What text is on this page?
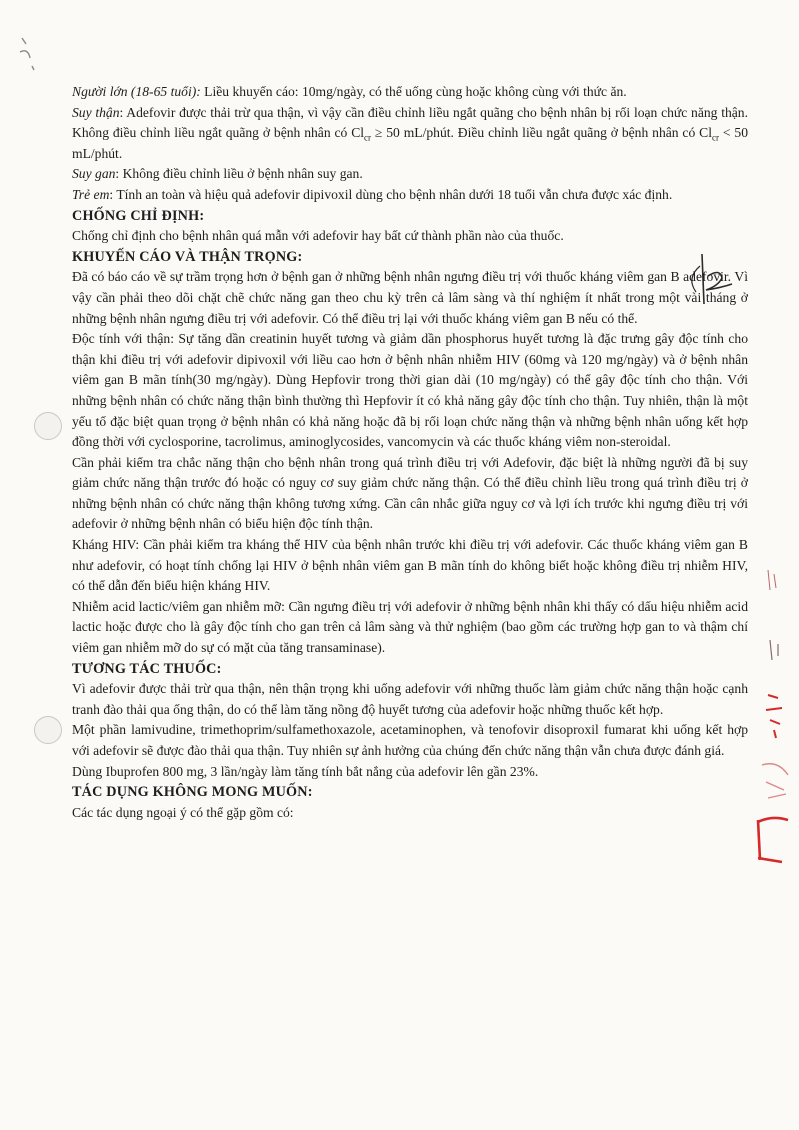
Người lớn (18-65 tuổi): Liều khuyến cáo: 10mg/ngày, có thể uống cùng hoặc không cùng với thức ăn.

Suy thận: Adefovir được thải trừ qua thận, vì vậy cần điều chỉnh liều ngắt quãng cho bệnh nhân bị rối loạn chức năng thận. Không điều chỉnh liều ngắt quãng ở bệnh nhân có $Cl_{cr} \ge 50$ mL/phút. Điều chỉnh liều ngắt quãng ở bệnh nhân có $Cl_{cr} < 50$ mL/phút.

Suy gan: Không điều chỉnh liều ở bệnh nhân suy gan.

Trẻ em: Tính an toàn và hiệu quả adefovir dipivoxil dùng cho bệnh nhân dưới 18 tuổi vẫn chưa được xác định.

CHỐNG CHỈ ĐỊNH:

Chống chỉ định cho bệnh nhân quá mẫn với adefovir hay bất cứ thành phần nào của thuốc.

KHUYẾN CÁO VÀ THẬN TRỌNG:

Đã có báo cáo về sự trầm trọng hơn ở bệnh gan ở những bệnh nhân ngưng điều trị với thuốc kháng viêm gan B adefovir. Vì vậy cần phải theo dõi chặt chẽ chức năng gan theo chu kỳ trên cả lâm sàng và thí nghiệm ít nhất trong một vài tháng ở những bệnh nhân ngưng điều trị với adefovir. Có thể điều trị lại với thuốc kháng viêm gan B nếu có thể.

Độc tính với thận: Sự tăng dần creatinin huyết tương và giảm dần phosphorus huyết tương là đặc trưng gây độc tính cho thận khi điều trị với adefovir dipivoxil với liều cao hơn ở bệnh nhân nhiễm HIV (60mg và 120 mg/ngày) và ở bệnh nhân viêm gan B mãn tính(30 mg/ngày). Dùng Hepfovir trong thời gian dài (10 mg/ngày) có thể gây độc tính cho thận. Với những bệnh nhân có chức năng thận bình thường thì Hepfovir ít có khả năng gây độc tính cho thận. Tuy nhiên, thận là một yếu tố đặc biệt quan trọng ở bệnh nhân có khả năng hoặc đã bị rối loạn chức năng thận và những bệnh nhân uống kết hợp đồng thời với cyclosporine, tacrolimus, aminoglycosides, vancomycin và các thuốc kháng viêm non-steroidal.

Cần phải kiểm tra chắc năng thận cho bệnh nhân trong quá trình điều trị với Adefovir, đặc biệt là những người đã bị suy giảm chức năng thận trước đó hoặc có nguy cơ suy giảm chức năng thận. Có thể điều chỉnh liều trong quá trình điều trị ở những bệnh nhân có chức năng thận không tương xứng. Cần cân nhắc giữa nguy cơ và lợi ích trước khi ngưng điều trị với adefovir ở những bệnh nhân có biểu hiện độc tính thận.

Kháng HIV: Cần phải kiểm tra kháng thể HIV của bệnh nhân trước khi điều trị với adefovir. Các thuốc kháng viêm gan B như adefovir, có hoạt tính chống lại HIV ở bệnh nhân viêm gan B mãn tính do không biết hoặc không điều trị nhiễm HIV, có thể dẫn đến biểu hiện kháng HIV.

Nhiễm acid lactic/viêm gan nhiễm mỡ: Cần ngưng điều trị với adefovir ở những bệnh nhân khi thấy có dấu hiệu nhiễm acid lactic hoặc được cho là gây độc tính cho gan trên cả lâm sàng và thử nghiệm (bao gồm các trường hợp gan to và thậm chí viêm gan nhiễm mỡ do sự có mặt của tăng transaminase).

TƯƠNG TÁC THUỐC:

Vì adefovir được thải trừ qua thận, nên thận trọng khi uống adefovir với những thuốc làm giảm chức năng thận hoặc cạnh tranh đào thải qua ống thận, do có thể làm tăng nồng độ huyết tương của adefovir hoặc những thuốc kết hợp.

Một phần lamivudine, trimethoprim/sulfamethoxazole, acetaminophen, và tenofovir disoproxil fumarat khi uống kết hợp với adefovir sẽ được đào thải qua thận. Tuy nhiên sự ảnh hưởng của chúng đến chức năng thận vẫn chưa được đánh giá.

Dùng Ibuprofen 800 mg, 3 lần/ngày làm tăng tính bắt nắng của adefovir lên gần 23%.

TÁC DỤNG KHÔNG MONG MUỐN:

Các tác dụng ngoại ý có thể gặp gồm có:
